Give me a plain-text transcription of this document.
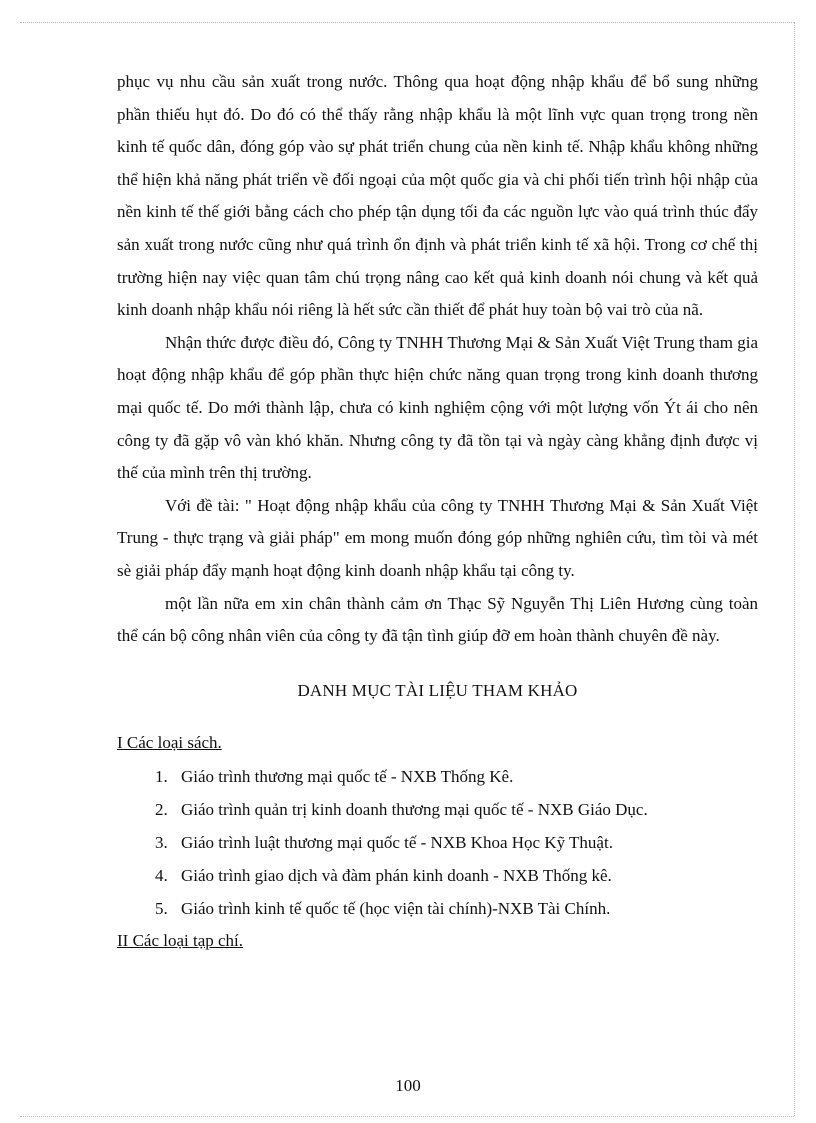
phục vụ nhu cầu sản xuất trong nước. Thông qua hoạt động nhập khẩu để bổ sung những phần thiếu hụt đó. Do đó có thể thấy rằng nhập khẩu là một lĩnh vực quan trọng trong nền kinh tế quốc dân, đóng góp vào sự phát triển chung của nền kinh tế. Nhập khẩu không những thể hiện khả năng phát triển về đối ngoại của một quốc gia và chi phối tiến trình hội nhập của nền kinh tế thế giới bằng cách cho phép tận dụng tối đa các nguồn lực vào quá trình thúc đẩy sản xuất trong nước cũng như quá trình ổn định và phát triển kinh tế xã hội. Trong cơ chế thị trường hiện nay việc quan tâm chú trọng nâng cao kết quả kinh doanh nói chung và kết quả kinh doanh nhập khẩu nói riêng là hết sức cần thiết để phát huy toàn bộ vai trò của nã.

Nhận thức được điều đó, Công ty TNHH Thương Mại & Sản Xuất Việt Trung tham gia hoạt động nhập khẩu để góp phần thực hiện chức năng quan trọng trong kinh doanh thương mại quốc tế. Do mới thành lập, chưa có kinh nghiệm cộng với một lượng vốn Ýt ái cho nên công ty đã gặp vô vàn khó khăn. Nhưng công ty đã tồn tại và ngày càng khẳng định được vị thế của mình trên thị trường.

Với đề tài: " Hoạt động nhập khẩu của công ty TNHH Thương Mại & Sản Xuất Việt Trung - thực trạng và giải pháp" em mong muốn đóng góp những nghiên cứu, tìm tòi và mét sè giải pháp đẩy mạnh hoạt động kinh doanh nhập khẩu tại công ty.

một lần nữa em xin chân thành cảm ơn Thạc Sỹ Nguyễn Thị Liên Hương cùng toàn thể cán bộ công nhân viên của công ty đã tận tình giúp đỡ em hoàn thành chuyên đề này.

DANH MỤC TÀI LIỆU THAM KHẢO

I Các loại sách.

1. Giáo trình thương mại quốc tế - NXB Thống Kê.
2. Giáo trình quản trị kinh doanh thương mại quốc tế - NXB Giáo Dục.
3. Giáo trình luật thương mại quốc tế - NXB Khoa Học Kỹ Thuật.
4. Giáo trình giao dịch và đàm phán kinh doanh - NXB Thống kê.
5. Giáo trình kinh tế quốc tế (học viện tài chính)-NXB Tài Chính.

II Các loại tạp chí.

100
